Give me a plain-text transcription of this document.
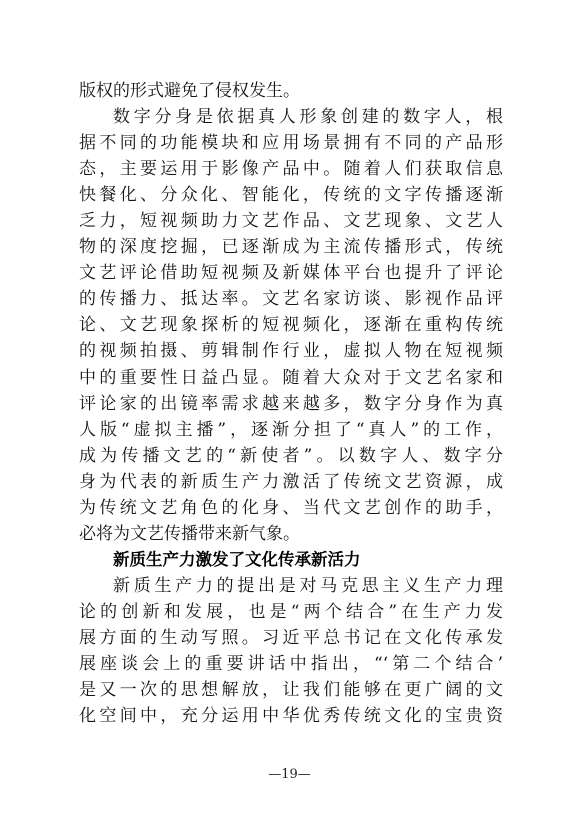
版权的形式避免了侵权发生。
数字分身是依据真人形象创建的数字人，根
据不同的功能模块和应用场景拥有不同的产品形
态，主要运用于影像产品中。随着人们获取信息
快餐化、分众化、智能化，传统的文字传播逐渐
乏力，短视频助力文艺作品、文艺现象、文艺人
物的深度挖掘，已逐渐成为主流传播形式，传统
文艺评论借助短视频及新媒体平台也提升了评论
的传播力、抵达率。文艺名家访谈、影视作品评
论、文艺现象探析的短视频化，逐渐在重构传统
的视频拍摄、剪辑制作行业，虚拟人物在短视频
中的重要性日益凸显。随着大众对于文艺名家和
评论家的出镜率需求越来越多，数字分身作为真
人版“虚拟主播”，逐渐分担了“真人”的工作，
成为传播文艺的“新使者”。以数字人、数字分
身为代表的新质生产力激活了传统文艺资源，成
为传统文艺角色的化身、当代文艺创作的助手，
必将为文艺传播带来新气象。
新质生产力激发了文化传承新活力
新质生产力的提出是对马克思主义生产力理
论的创新和发展，也是“两个结合”在生产力发
展方面的生动写照。习近平总书记在文化传承发
展座谈会上的重要讲话中指出，“‘第二个结合’
是又一次的思想解放，让我们能够在更广阔的文
化空间中，充分运用中华优秀传统文化的宝贵资
—19—
